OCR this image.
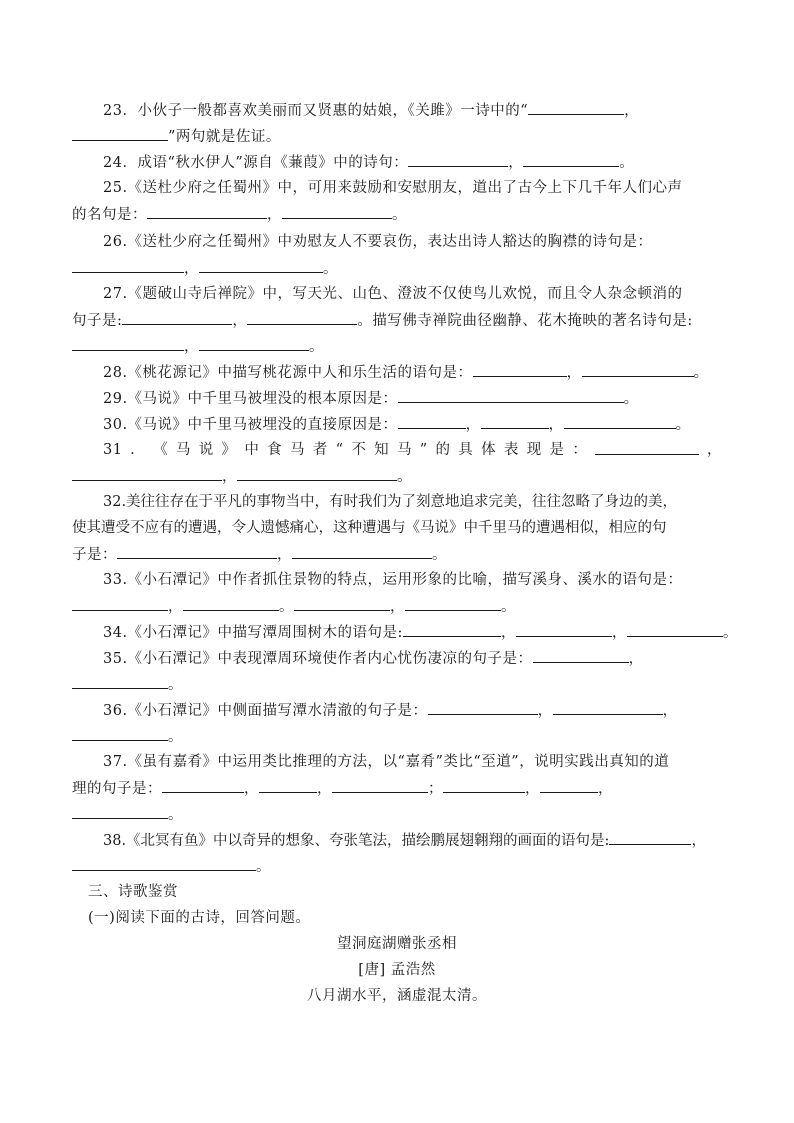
23．小伙子一般都喜欢美丽而又贤惠的姑娘，《关雎》一诗中的“	，
”两句就是佐证。
24．成语“秋水伊人”源自《蒹葭》中的诗句：	，	。
25.《送杜少府之任蜀州》中，可用来鼓励和安慰朋友，道出了古今上下几千年人们心声
的名句是：	，	。
26.《送杜少府之任蜀州》中劝慰友人不要哀伤，表达出诗人豁达的胸襟的诗句是：
，	。
27.《题破山寺后禅院》中，写天光、山色、澄波不仅使鸟儿欢悦，而且令人杂念顿消的
句子是:	，	。描写佛寺禅院曲径幽静、花木掩映的著名诗句是:
，	。
28.《桃花源记》中描写桃花源中人和乐生活的语句是：	，	。
29.《马说》中千里马被埋没的根本原因是：	。
30.《马说》中千里马被埋没的直接原因是：	，	，	。
31 ． 《 马 说 》 中 食 马 者 “ 不 知 马 ” 的 具 体 表 现 是 ：	，
，	。
32.美往往存在于平凡的事物当中，有时我们为了刻意地追求完美，往往忽略了身边的美，
使其遭受不应有的遭遇，令人遗憾痛心，这种遭遇与《马说》中千里马的遭遇相似，相应的句
子是：	，	。
33.《小石潭记》中作者抓住景物的特点，运用形象的比喻，描写溪身、溪水的语句是：
，	。	，	。
34.《小石潭记》中描写潭周围树木的语句是:	，	，	。
35.《小石潭记》中表现潭周环境使作者内心忧伤凄凉的句子是：	，
。
36.《小石潭记》中侧面描写潭水清澈的句子是：	，	，
。
37.《虽有嘉肴》中运用类比推理的方法，以“嘉肴”类比“至道”，说明实践出真知的道
理的句子是：	，	，	；	，	，
。
38.《北冥有鱼》中以奇异的想象、夸张笔法，描绘鹏展翅翱翔的画面的语句是:	，
。
三、诗歌鉴赏
(一)阅读下面的古诗，回答问题。
望洞庭湖赠张丞相
[唐] 孟浩然
八月湖水平，涵虚混太清。
